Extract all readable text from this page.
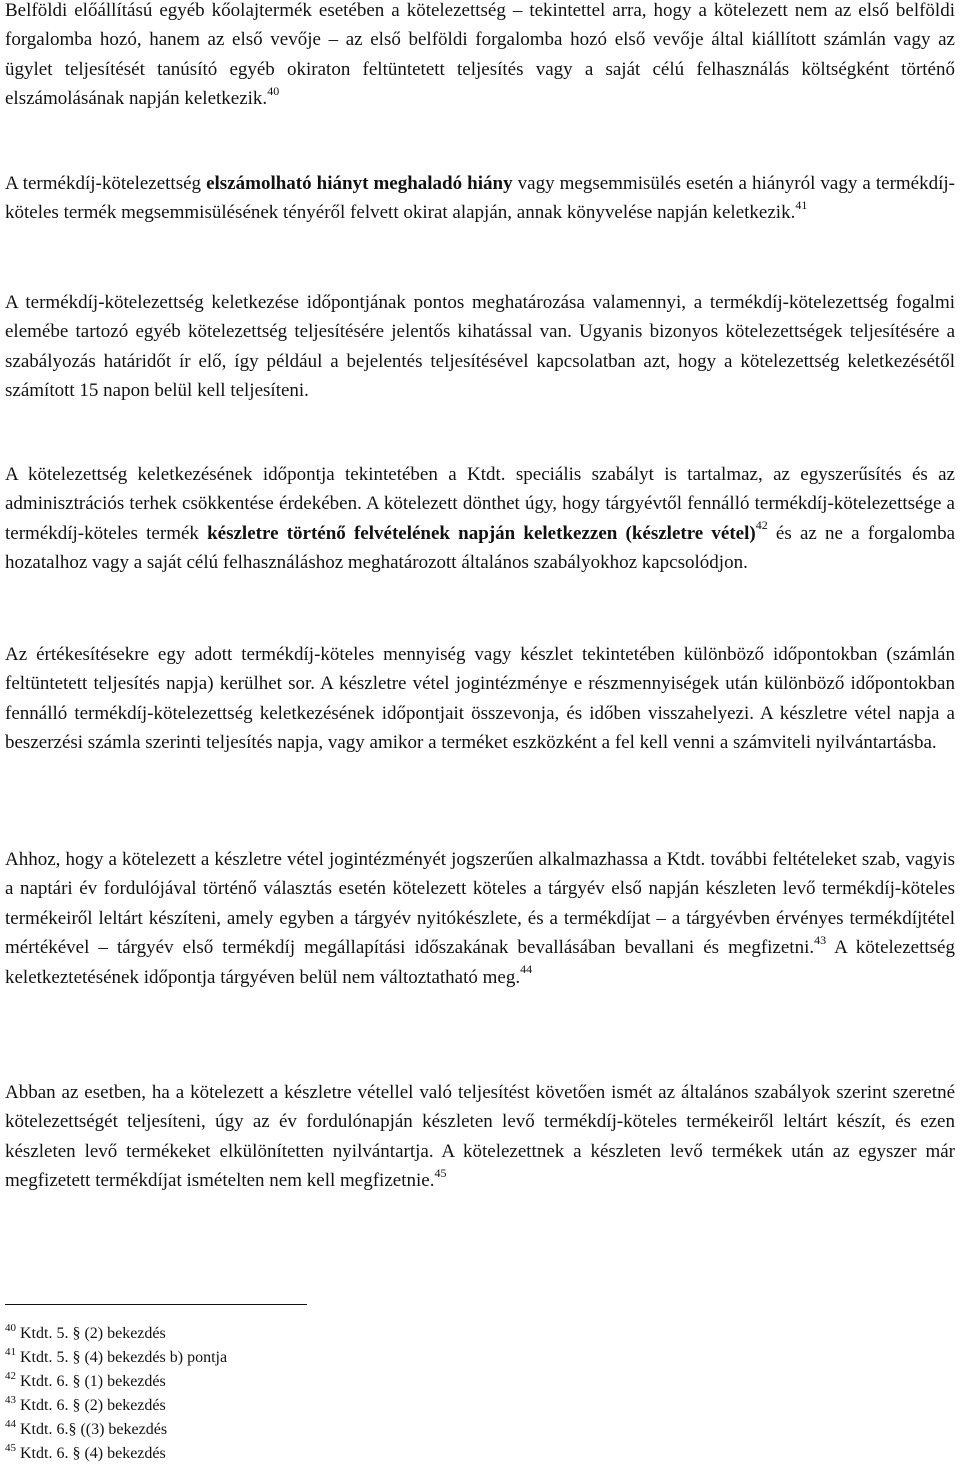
Belföldi előállítású egyéb kőolajtermék esetében a kötelezettség – tekintettel arra, hogy a kötelezett nem az első belföldi forgalomba hozó, hanem az első vevője – az első belföldi forgalomba hozó első vevője által kiállított számlán vagy az ügylet teljesítését tanúsító egyéb okiraton feltüntetett teljesítés vagy a saját célú felhasználás költségként történő elszámolásának napján keletkezik.$^{40}$

A termékdíj-kötelezettség elszámolható hiányt meghaladó hiány vagy megsemmisülés esetén a hiányról vagy a termékdíj-köteles termék megsemmisülésének tényéről felvett okirat alapján, annak könyvelése napján keletkezik.$^{41}$

A termékdíj-kötelezettség keletkezése időpontjának pontos meghatározása valamennyi, a termékdíj-kötelezettség fogalmi elemébe tartozó egyéb kötelezettség teljesítésére jelentős kihatással van. Ugyanis bizonyos kötelezettségek teljesítésére a szabályozás határidőt ír elő, így például a bejelentés teljesítésével kapcsolatban azt, hogy a kötelezettség keletkezésétől számított 15 napon belül kell teljesíteni.

A kötelezettség keletkezésének időpontja tekintetében a Ktdt. speciális szabályt is tartalmaz, az egyszerűsítés és az adminisztrációs terhek csökkentése érdekében. A kötelezett dönthet úgy, hogy tárgyévtől fennálló termékdíj-kötelezettsége a termékdíj-köteles termék készletre történő felvételének napján keletkezzen (készletre vétel)$^{42}$ és az ne a forgalomba hozatalhoz vagy a saját célú felhasználáshoz meghatározott általános szabályokhoz kapcsolódjon.

Az értékesítésekre egy adott termékdíj-köteles mennyiség vagy készlet tekintetében különböző időpontokban (számlán feltüntetett teljesítés napja) kerülhet sor. A készletre vétel jogintézménye e részmennyiségek után különböző időpontokban fennálló termékdíj-kötelezettség keletkezésének időpontjait összevonja, és időben visszahelyezi. A készletre vétel napja a beszerzési számla szerinti teljesítés napja, vagy amikor a terméket eszközként a fel kell venni a számviteli nyilvántartásba.

Ahhoz, hogy a kötelezett a készletre vétel jogintézményét jogszerűen alkalmazhassa a Ktdt. további feltételeket szab, vagyis a naptári év fordulójával történő választás esetén kötelezett köteles a tárgyév első napján készleten levő termékdíj-köteles termékeiről leltárt készíteni, amely egyben a tárgyév nyitókészlete, és a termékdíjat – a tárgyévben érvényes termékdíjtétel mértékével – tárgyév első termékdíj megállapítási időszakának bevallásában bevallani és megfizetni.$^{43}$ A kötelezettség keletkeztetésének időpontja tárgyéven belül nem változtatható meg.$^{44}$

Abban az esetben, ha a kötelezett a készletre vétellel való teljesítést követően ismét az általános szabályok szerint szeretné kötelezettségét teljesíteni, úgy az év fordulónapján készleten levő termékdíj-köteles termékeiről leltárt készít, és ezen készleten levő termékeket elkülönítetten nyilvántartja. A kötelezettnek a készleten levő termékek után az egyszer már megfizetett termékdíjat ismételten nem kell megfizetnie.$^{45}$

$^{40}$ Ktdt. 5. § (2) bekezdés

$^{41}$ Ktdt. 5. § (4) bekezdés b) pontja

$^{42}$ Ktdt. 6. § (1) bekezdés

$^{43}$ Ktdt. 6. § (2) bekezdés

$^{44}$ Ktdt. 6.§ ((3) bekezdés

$^{45}$ Ktdt. 6. § (4) bekezdés
